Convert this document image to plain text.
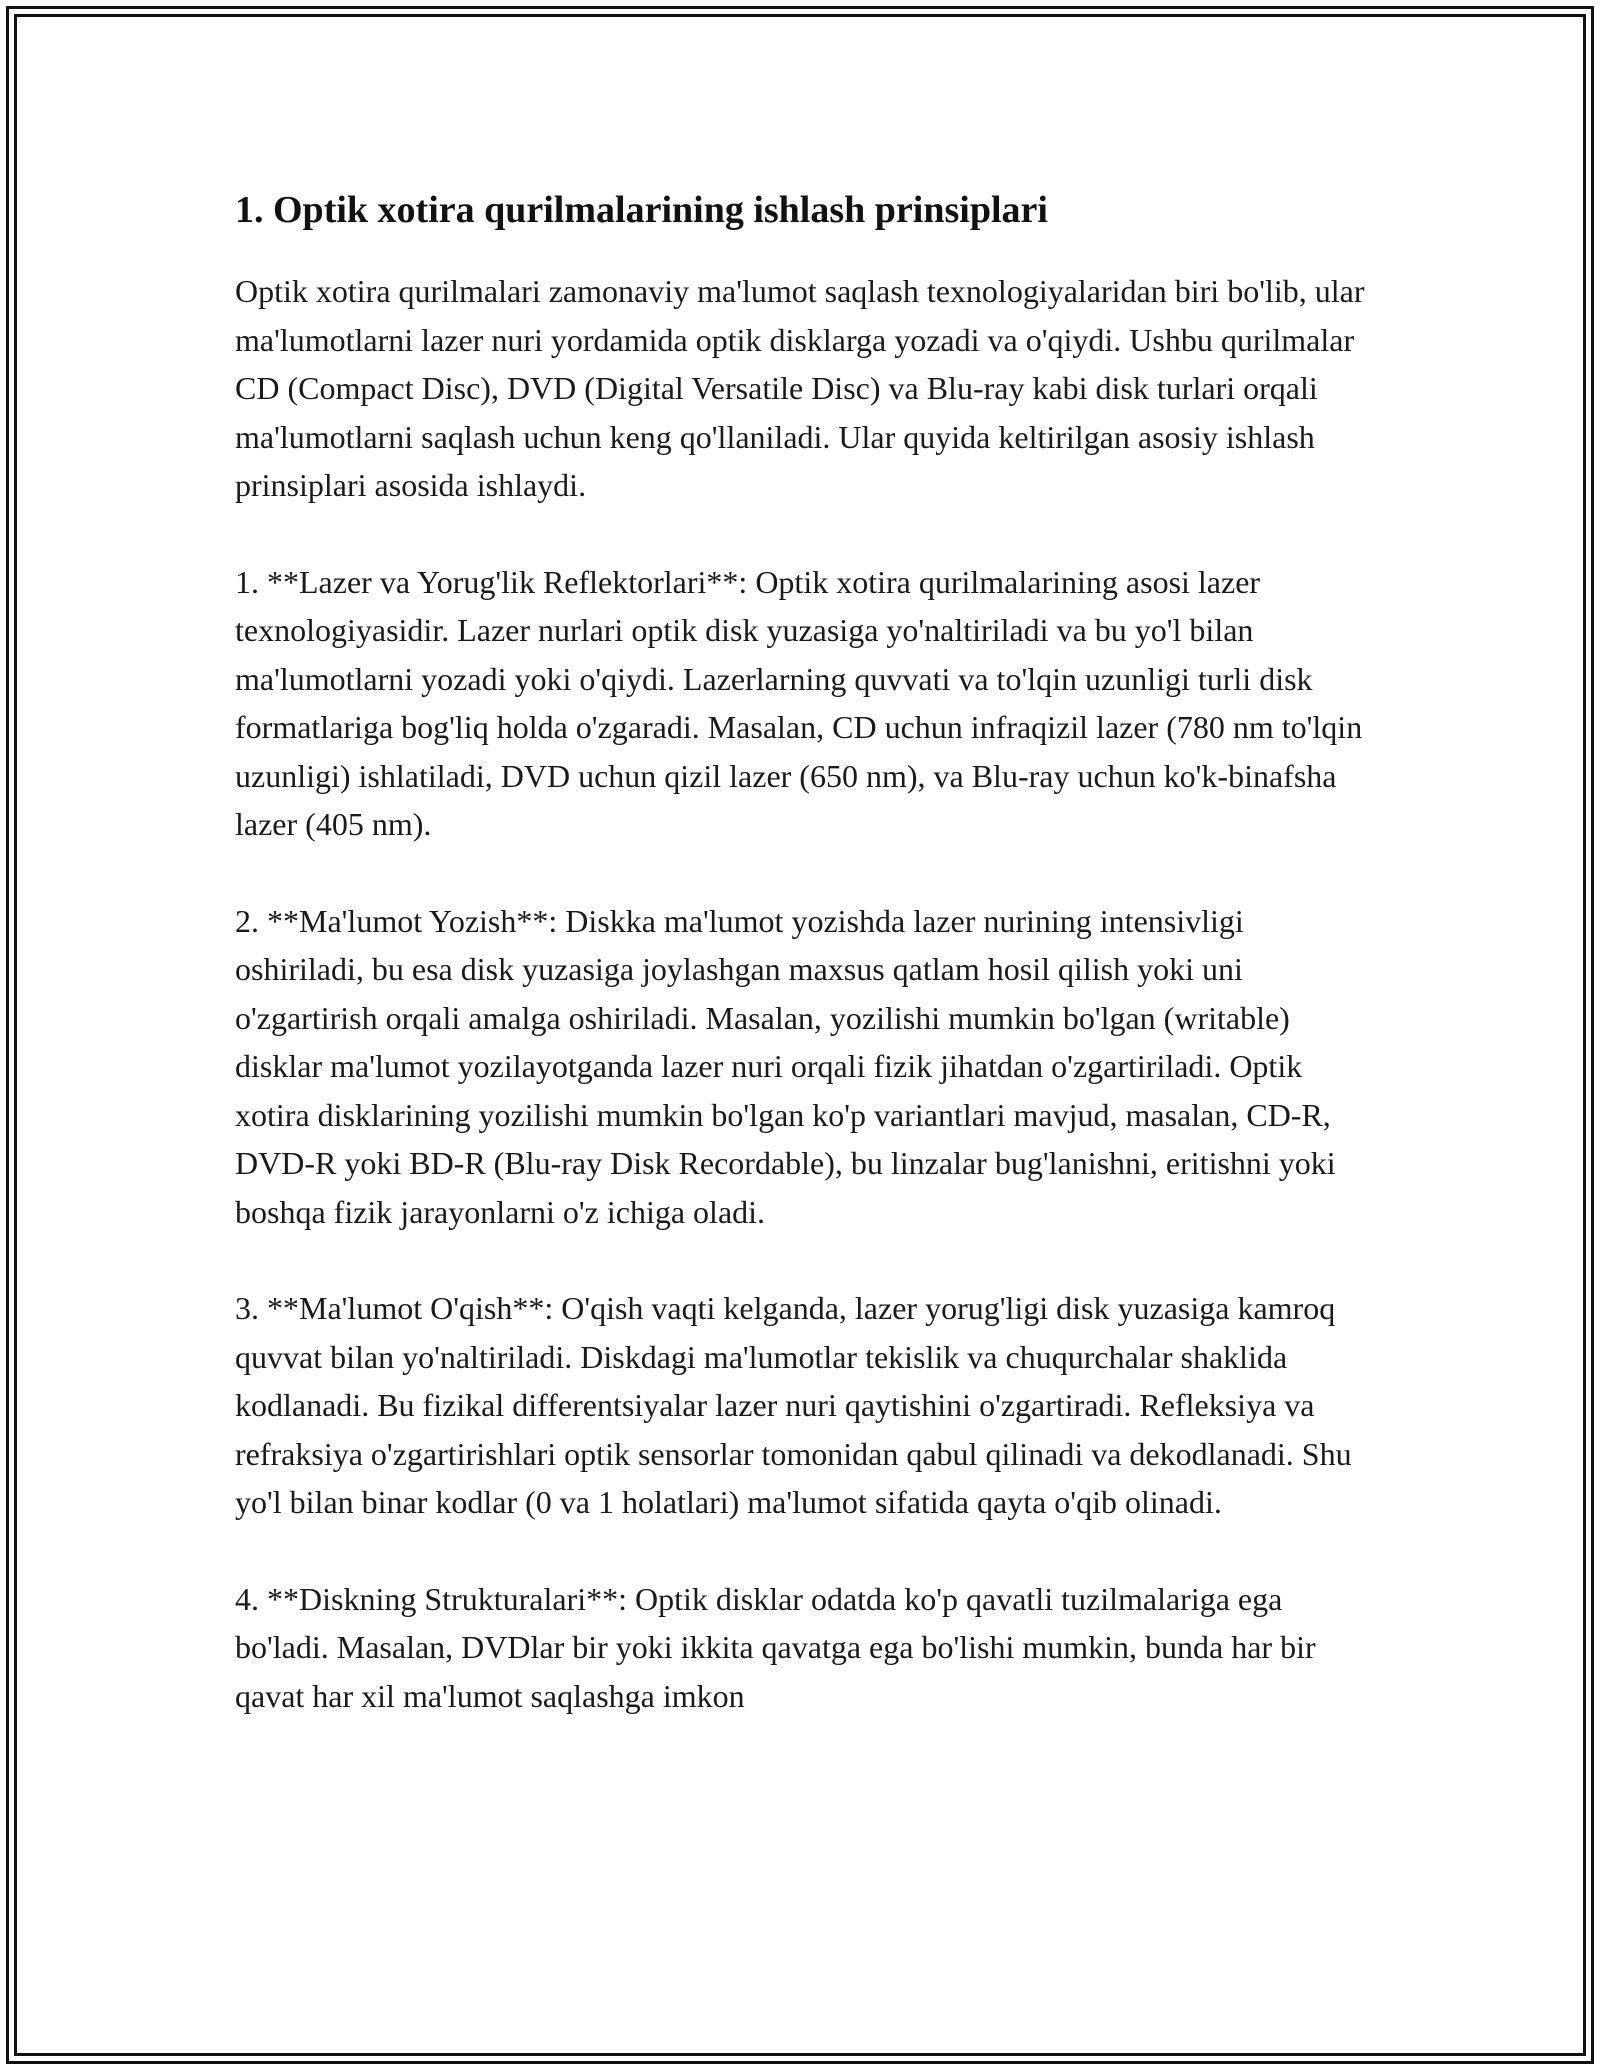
1. Optik xotira qurilmalarining ishlash prinsiplari

Optik xotira qurilmalari zamonaviy ma'lumot saqlash texnologiyalaridan biri bo'lib, ular ma'lumotlarni lazer nuri yordamida optik disklarga yozadi va o'qiydi. Ushbu qurilmalar CD (Compact Disc), DVD (Digital Versatile Disc) va Blu-ray kabi disk turlari orqali ma'lumotlarni saqlash uchun keng qo'llaniladi. Ular quyida keltirilgan asosiy ishlash prinsiplari asosida ishlaydi.

1. **Lazer va Yorug'lik Reflektorlari**: Optik xotira qurilmalarining asosi lazer texnologiyasidir. Lazer nurlari optik disk yuzasiga yo'naltiriladi va bu yo'l bilan ma'lumotlarni yozadi yoki o'qiydi. Lazerlarning quvvati va to'lqin uzunligi turli disk formatlariga bog'liq holda o'zgaradi. Masalan, CD uchun infraqizil lazer (780 nm to'lqin uzunligi) ishlatiladi, DVD uchun qizil lazer (650 nm), va Blu-ray uchun ko'k-binafsha lazer (405 nm).

2. **Ma'lumot Yozish**: Diskka ma'lumot yozishda lazer nurining intensivligi oshiriladi, bu esa disk yuzasiga joylashgan maxsus qatlam hosil qilish yoki uni o'zgartirish orqali amalga oshiriladi. Masalan, yozilishi mumkin bo'lgan (writable) disklar ma'lumot yozilayotganda lazer nuri orqali fizik jihatdan o'zgartiriladi. Optik xotira disklarining yozilishi mumkin bo'lgan ko'p variantlari mavjud, masalan, CD-R, DVD-R yoki BD-R (Blu-ray Disk Recordable), bu linzalar bug'lanishni, eritishni yoki boshqa fizik jarayonlarni o'z ichiga oladi.

3. **Ma'lumot O'qish**: O'qish vaqti kelganda, lazer yorug'ligi disk yuzasiga kamroq quvvat bilan yo'naltiriladi. Diskdagi ma'lumotlar tekislik va chuqurchalar shaklida kodlanadi. Bu fizikal differentsiyalar lazer nuri qaytishini o'zgartiradi. Refleksiya va refraksiya o'zgartirishlari optik sensorlar tomonidan qabul qilinadi va dekodlanadi. Shu yo'l bilan binar kodlar (0 va 1 holatlari) ma'lumot sifatida qayta o'qib olinadi.

4. **Diskning Strukturalari**: Optik disklar odatda ko'p qavatli tuzilmalariga ega bo'ladi. Masalan, DVDlar bir yoki ikkita qavatga ega bo'lishi mumkin, bunda har bir qavat har xil ma'lumot saqlashga imkon
